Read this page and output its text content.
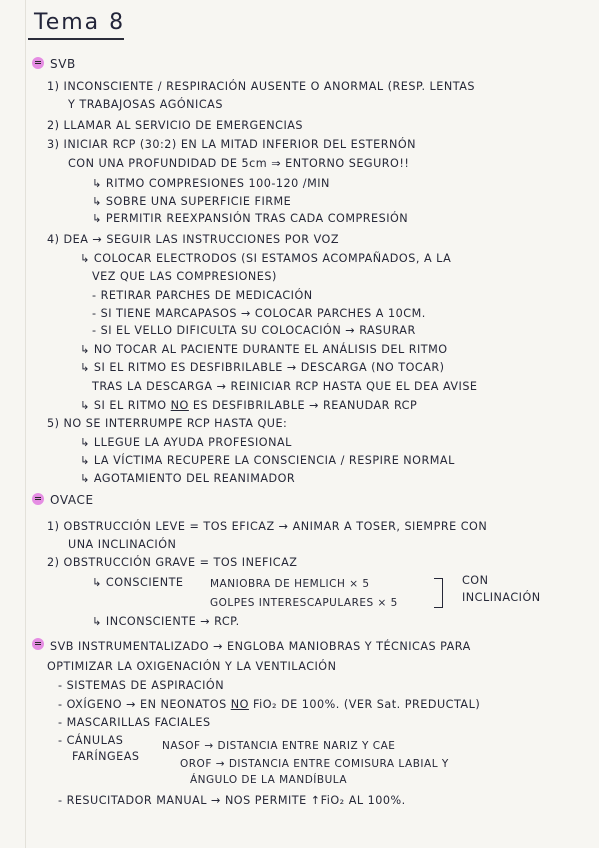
Tema 8
SVB
1) INCONSCIENTE / RESPIRACIÓN AUSENTE O ANORMAL (RESP. LENTAS
Y TRABAJOSAS AGÓNICAS
2) LLAMAR AL SERVICIO DE EMERGENCIAS
3) INICIAR RCP (30:2) EN LA MITAD INFERIOR DEL ESTERNÓN
CON UNA PROFUNDIDAD DE 5cm ⇒ ENTORNO SEGURO!!
↳ RITMO COMPRESIONES 100-120 /MIN
↳ SOBRE UNA SUPERFICIE FIRME
↳ PERMITIR REEXPANSIÓN TRAS CADA COMPRESIÓN
4) DEA → SEGUIR LAS INSTRUCCIONES POR VOZ
↳ COLOCAR ELECTRODOS (SI ESTAMOS ACOMPAÑADOS, A LA
VEZ QUE LAS COMPRESIONES)
- RETIRAR PARCHES DE MEDICACIÓN
- SI TIENE MARCAPASOS → COLOCAR PARCHES A 10CM.
- SI EL VELLO DIFICULTA SU COLOCACIÓN → RASURAR
↳ NO TOCAR AL PACIENTE DURANTE EL ANÁLISIS DEL RITMO
↳ SI EL RITMO ES DESFIBRILABLE → DESCARGA (NO TOCAR)
TRAS LA DESCARGA → REINICIAR RCP HASTA QUE EL DEA AVISE
↳ SI EL RITMO NO ES DESFIBRILABLE → REANUDAR RCP
5) NO SE INTERRUMPE RCP HASTA QUE:
↳ LLEGUE LA AYUDA PROFESIONAL
↳ LA VÍCTIMA RECUPERE LA CONSCIENCIA / RESPIRE NORMAL
↳ AGOTAMIENTO DEL REANIMADOR
OVACE
1) OBSTRUCCIÓN LEVE = TOS EFICAZ → ANIMAR A TOSER, SIEMPRE CON
UNA INCLINACIÓN
2) OBSTRUCCIÓN GRAVE = TOS INEFICAZ
↳ CONSCIENTE	MANIOBRA DE HEMLICH × 5
GOLPES INTERESCAPULARES × 5
CON
INCLINACIÓN
↳ INCONSCIENTE → RCP.
SVB INSTRUMENTALIZADO → ENGLOBA MANIOBRAS Y TÉCNICAS PARA
OPTIMIZAR LA OXIGENACIÓN Y LA VENTILACIÓN
- SISTEMAS DE ASPIRACIÓN
- OXÍGENO → EN NEONATOS NO FiO₂ DE 100%. (VER Sat. PREDUCTAL)
- MASCARILLAS FACIALES
- CÁNULAS
FARÍNGEAS
NASOF → DISTANCIA ENTRE NARIZ Y CAE
OROF → DISTANCIA ENTRE COMISURA LABIAL Y
ÁNGULO DE LA MANDÍBULA
- RESUCITADOR MANUAL → NOS PERMITE ↑FiO₂ AL 100%.
